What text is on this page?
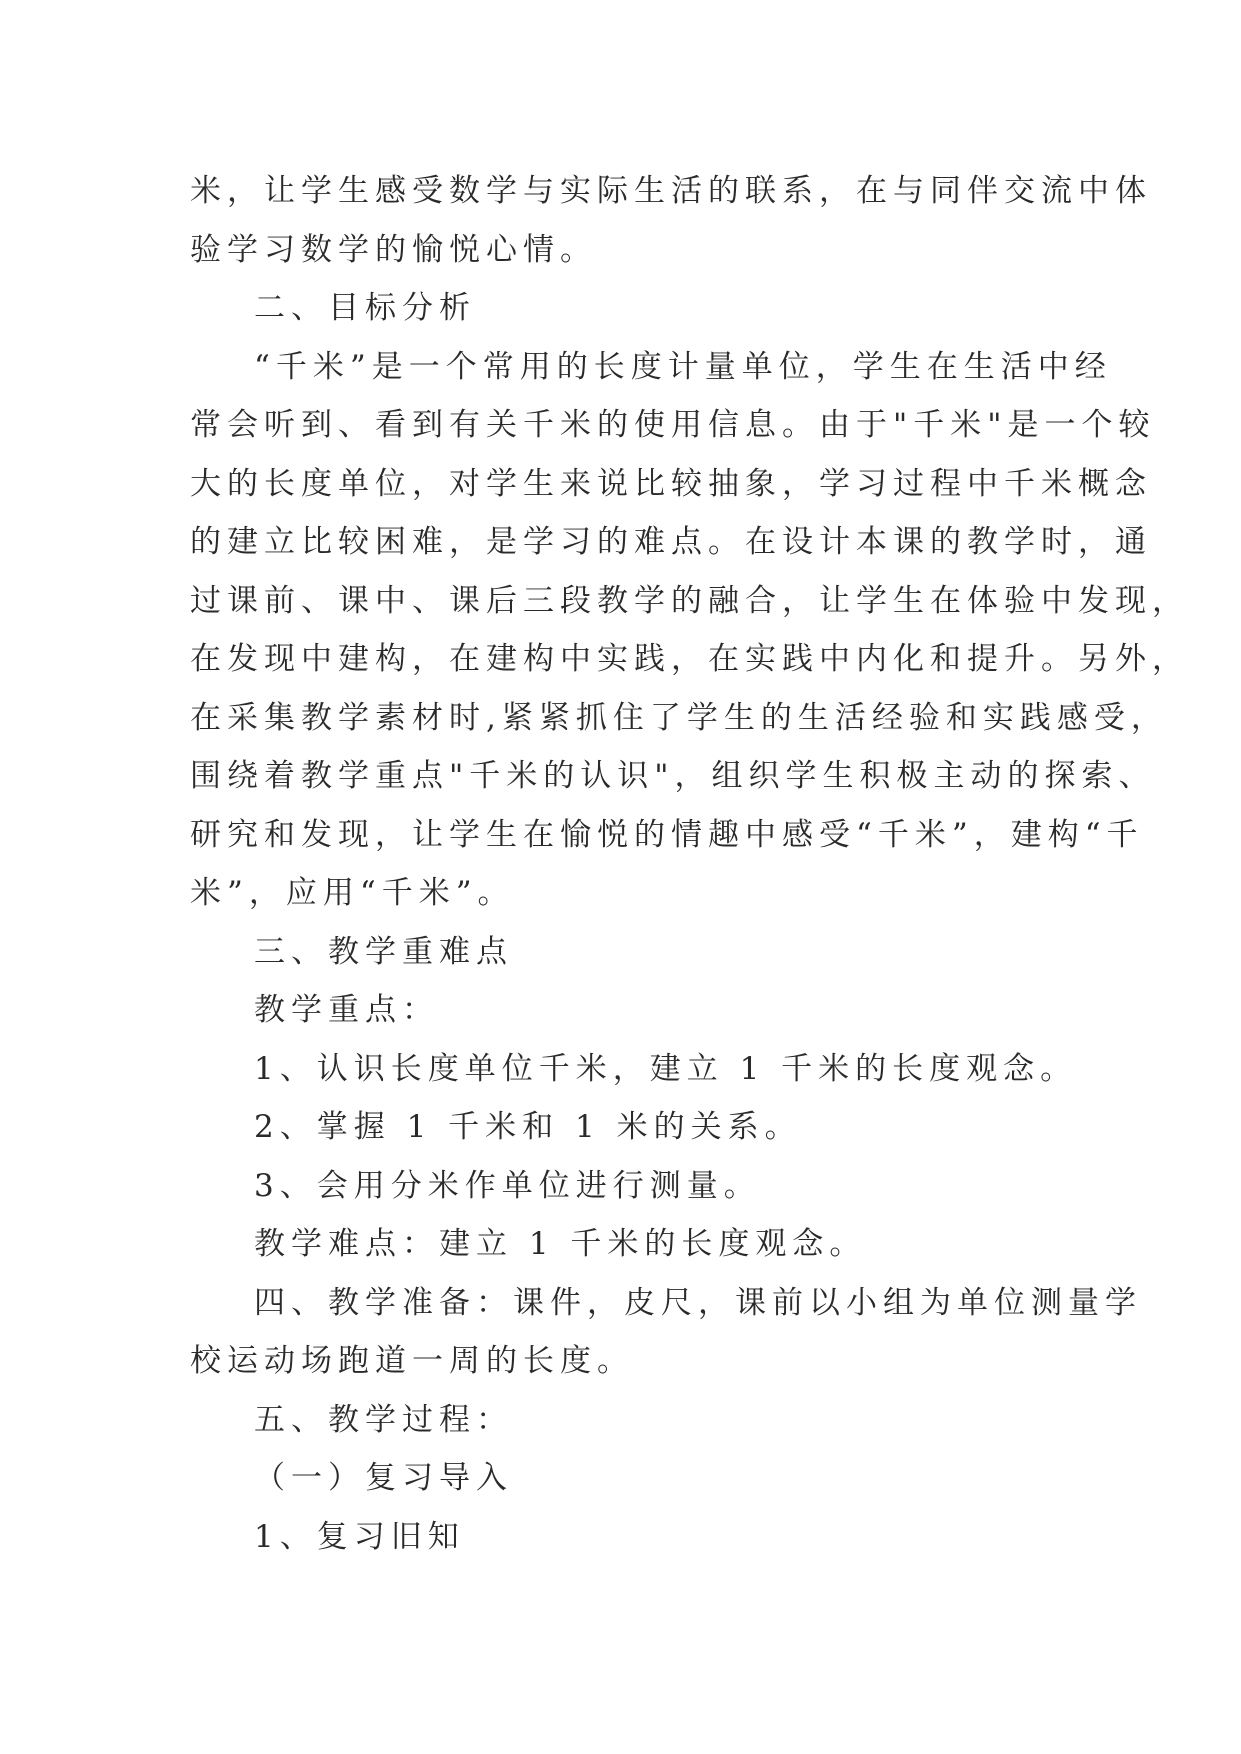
米，让学生感受数学与实际生活的联系，在与同伴交流中体
验学习数学的愉悦心情。
二、目标分析
“千米”是一个常用的长度计量单位，学生在生活中经
常会听到、看到有关千米的使用信息。由于"千米"是一个较
大的长度单位，对学生来说比较抽象，学习过程中千米概念
的建立比较困难，是学习的难点。在设计本课的教学时，通
过课前、课中、课后三段教学的融合，让学生在体验中发现，
在发现中建构，在建构中实践，在实践中内化和提升。另外，
在采集教学素材时,紧紧抓住了学生的生活经验和实践感受，
围绕着教学重点"千米的认识"，组织学生积极主动的探索、
研究和发现，让学生在愉悦的情趣中感受“千米”，建构“千
米”，应用“千米”。
三、教学重难点
教学重点：
1、认识长度单位千米，建立 1 千米的长度观念。
2、掌握 1 千米和 1 米的关系。
3、会用分米作单位进行测量。
教学难点：建立 1 千米的长度观念。
四、教学准备：课件，皮尺，课前以小组为单位测量学
校运动场跑道一周的长度。
五、教学过程：
（一）复习导入
1、复习旧知
